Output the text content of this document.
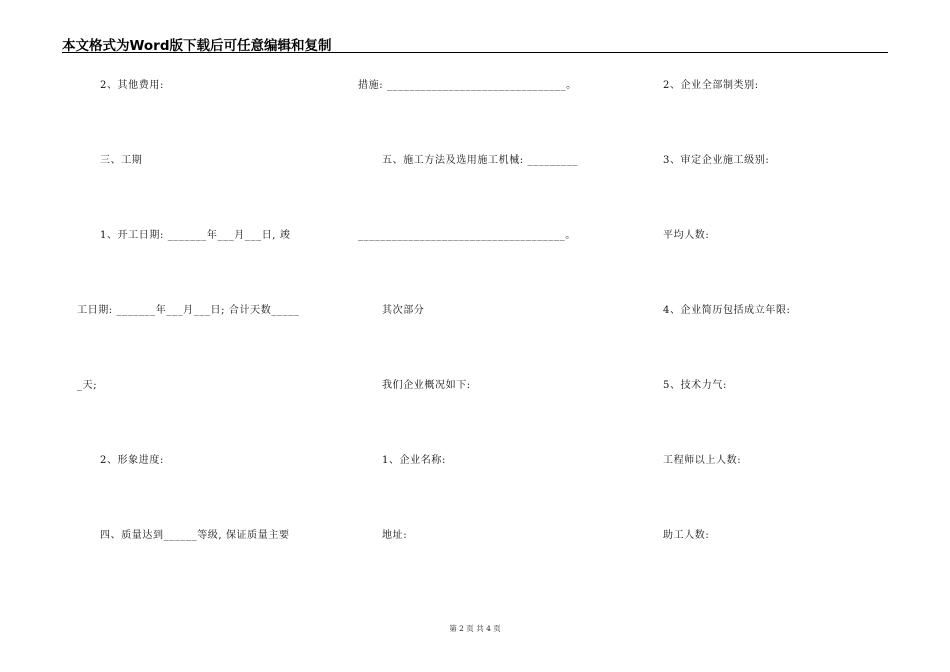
本文格式为Word版下载后可任意编辑和复制
2、其他费用:
三、工期
1、开工日期: _______年___月___日, 竣
工日期: _______年___月___日; 合计天数_____
_天;
2、形象进度:
四、质量达到______等级, 保证质量主要
措施: ________________________________。
五、施工方法及选用施工机械: _________
_____________________________________。
其次部分
我们企业概况如下:
1、企业名称:
地址:
2、企业全部制类别:
3、审定企业施工级别:
平均人数:
4、企业简历包括成立年限:
5、技术力气:
工程师以上人数:
助工人数:
第 2 页 共 4 页
